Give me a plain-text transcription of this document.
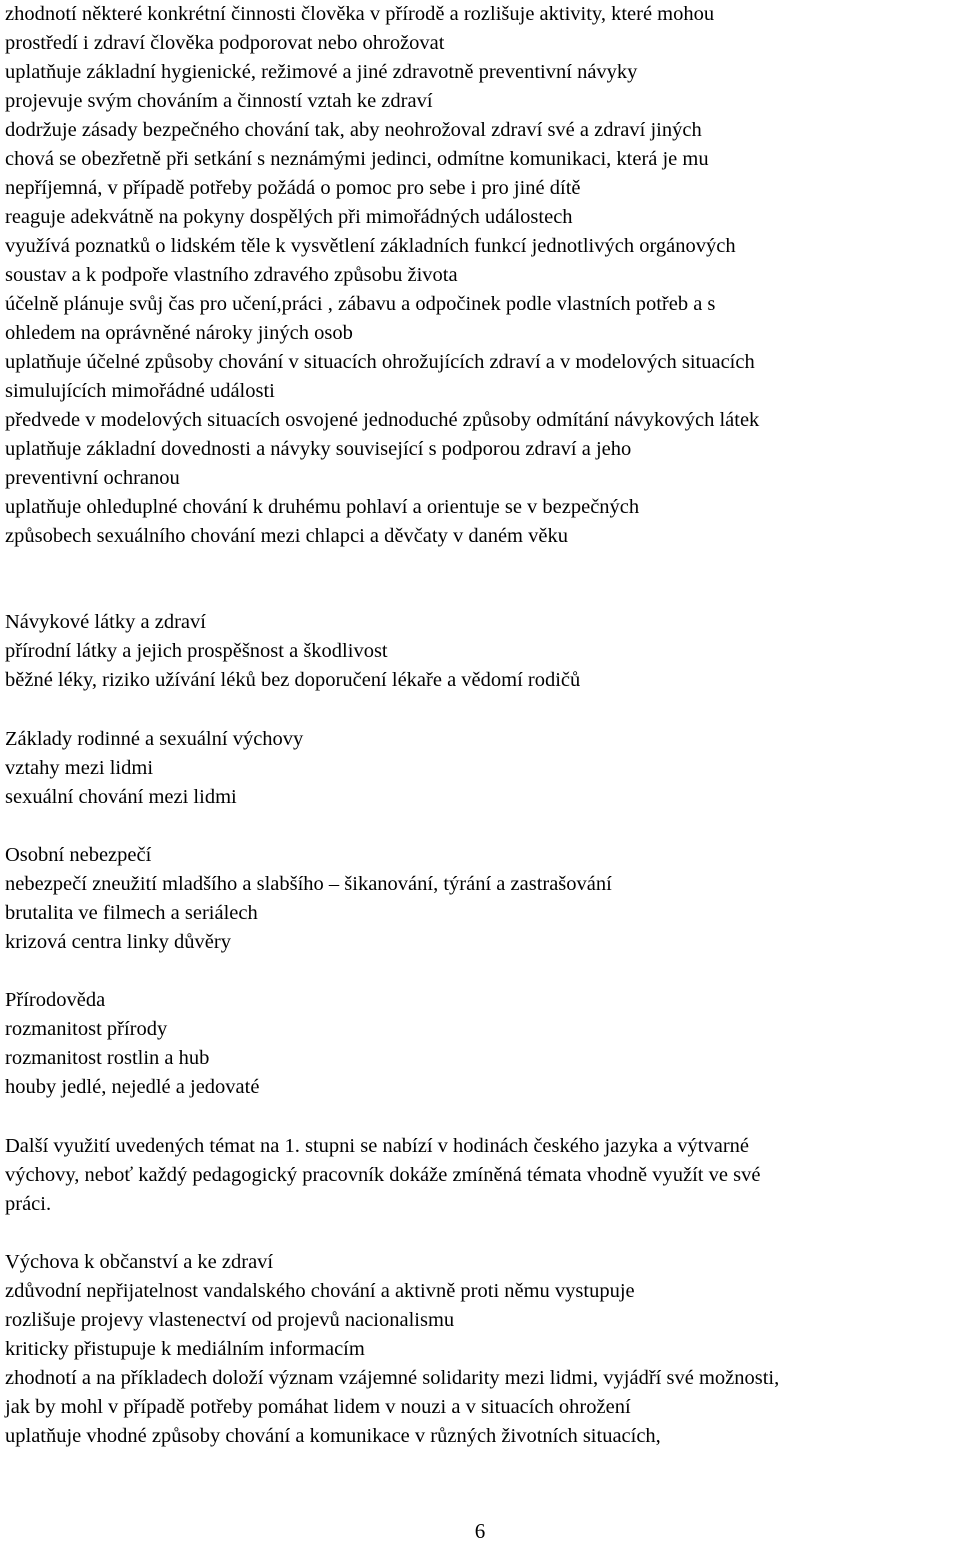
zhodnotí některé konkrétní činnosti člověka v přírodě a rozlišuje aktivity, které mohou
prostředí i zdraví člověka podporovat nebo ohrožovat
uplatňuje základní hygienické, režimové a jiné zdravotně preventivní návyky
projevuje svým chováním a činností vztah ke zdraví
dodržuje zásady bezpečného chování tak, aby neohrožoval zdraví své a zdraví jiných
chová se obezřetně při setkání s neznámými jedinci, odmítne komunikaci, která je mu
nepříjemná, v případě potřeby požádá o pomoc pro sebe i pro jiné dítě
reaguje adekvátně na pokyny dospělých při mimořádných událostech
využívá poznatků o lidském těle k vysvětlení základních funkcí jednotlivých orgánových
soustav a k podpoře vlastního zdravého způsobu života
účelně plánuje svůj čas pro učení,práci , zábavu a odpočinek podle vlastních potřeb a s
ohledem na oprávněné nároky jiných osob
uplatňuje účelné způsoby chování v situacích ohrožujících zdraví a v modelových situacích
simulujících mimořádné události
předvede v modelových situacích osvojené jednoduché způsoby odmítání návykových látek
uplatňuje základní dovednosti a návyky související s podporou zdraví a jeho
preventivní ochranou
uplatňuje ohleduplné chování k druhému pohlaví a orientuje se v bezpečných
způsobech sexuálního chování mezi chlapci a děvčaty v daném věku
Návykové látky a zdraví
přírodní látky a jejich prospěšnost a škodlivost
běžné léky, riziko užívání léků bez doporučení lékaře a vědomí rodičů
Základy rodinné a sexuální výchovy
vztahy mezi lidmi
sexuální chování mezi lidmi
Osobní nebezpečí
nebezpečí zneužití mladšího a slabšího – šikanování, týrání a zastrašování
brutalita ve filmech a seriálech
krizová centra linky důvěry
Přírodověda
rozmanitost přírody
rozmanitost rostlin a hub
houby jedlé, nejedlé a jedovaté
Další využití uvedených témat na 1. stupni se nabízí v hodinách českého jazyka a výtvarné
výchovy, neboť každý pedagogický pracovník dokáže zmíněná témata vhodně využít ve své
práci.
Výchova k občanství a ke zdraví
zdůvodní nepřijatelnost vandalského chování a aktivně proti němu vystupuje
rozlišuje projevy vlastenectví od projevů nacionalismu
kriticky přistupuje k mediálním informacím
zhodnotí a na příkladech doloží význam vzájemné solidarity mezi lidmi, vyjádří své možnosti,
jak by mohl v případě potřeby pomáhat lidem v nouzi a v situacích ohrožení
uplatňuje vhodné způsoby chování a komunikace v různých životních situacích,
6
